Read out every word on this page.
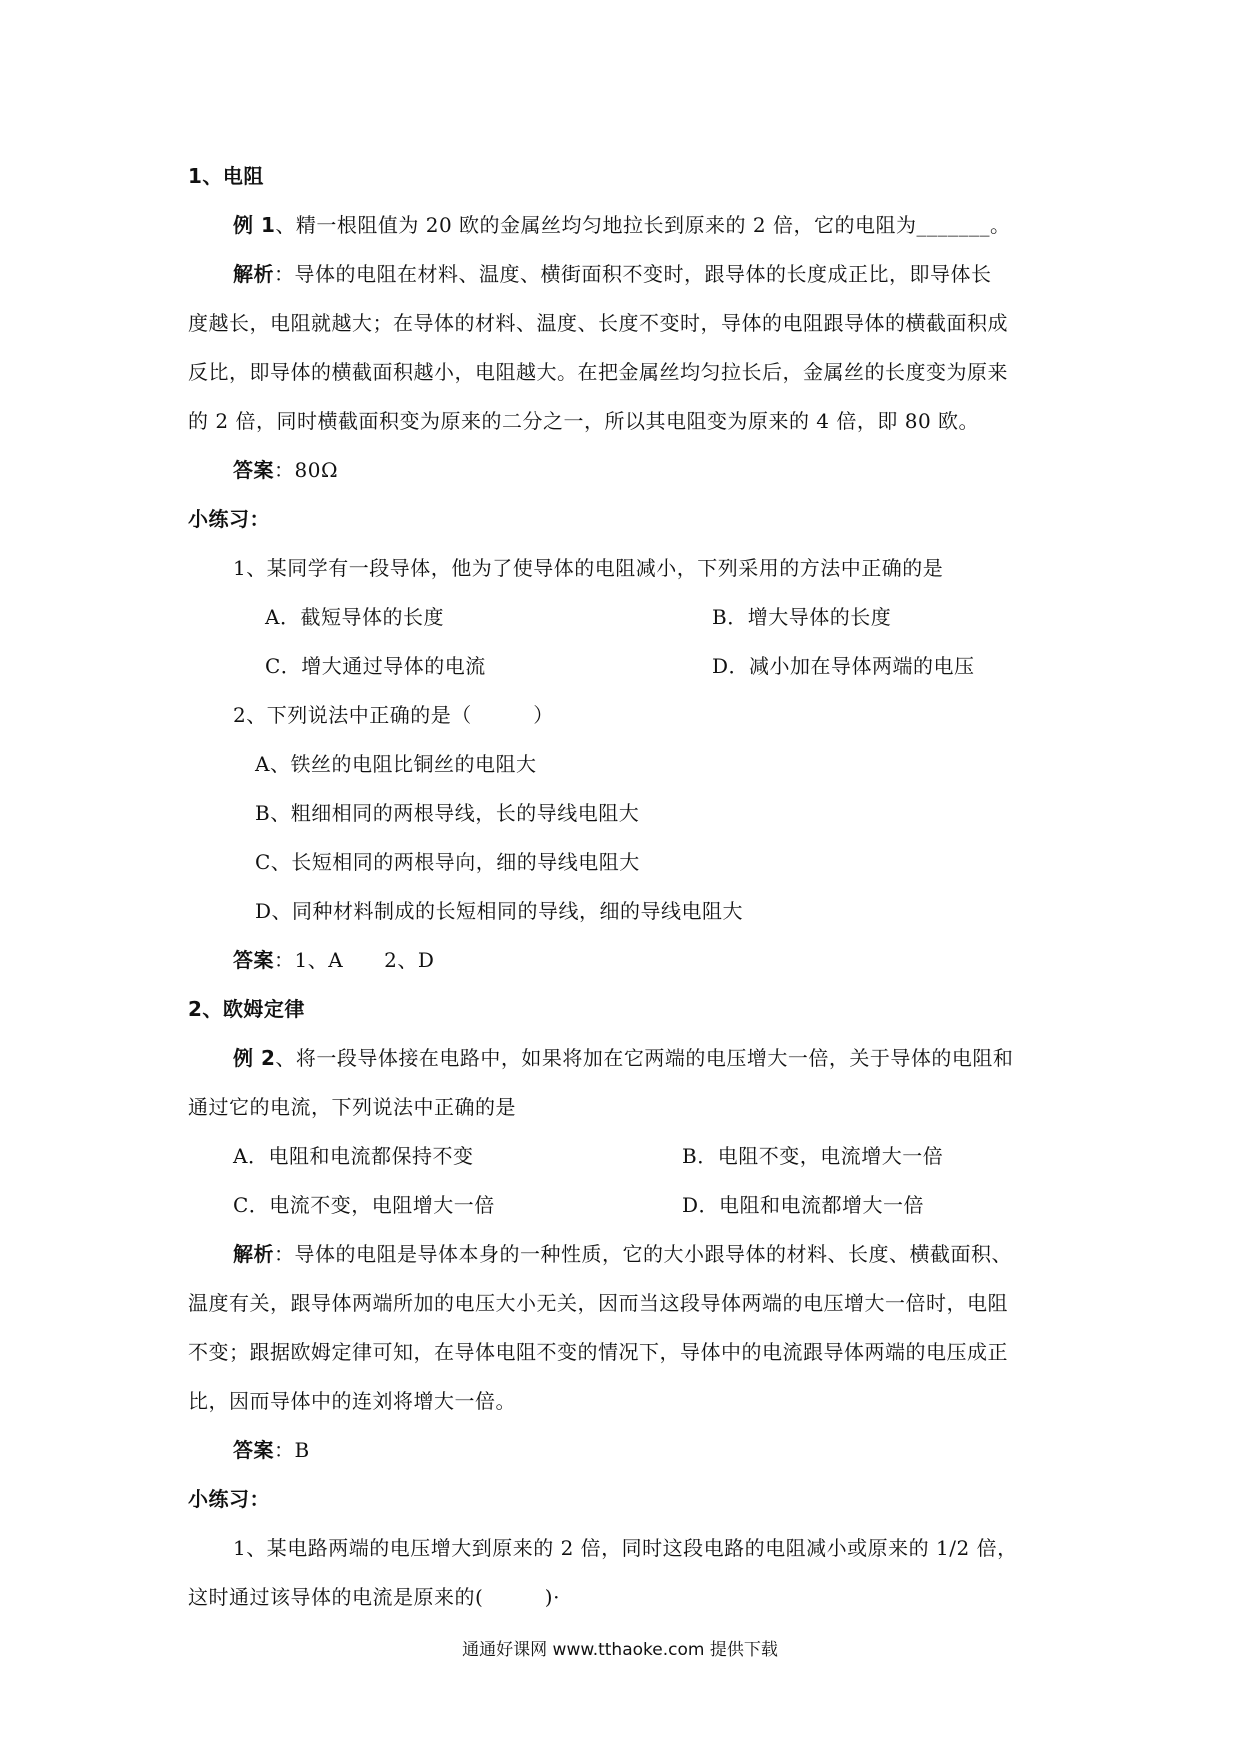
1、电阻
例 1、精一根阻值为 20 欧的金属丝均匀地拉长到原来的 2 倍，它的电阻为_______。
解析：导体的电阻在材料、温度、横街面积不变时，跟导体的长度成正比，即导体长
度越长，电阻就越大；在导体的材料、温度、长度不变时，导体的电阻跟导体的横截面积成
反比，即导体的横截面积越小，电阻越大。在把金属丝均匀拉长后，金属丝的长度变为原来
的 2 倍，同时横截面积变为原来的二分之一，所以其电阻变为原来的 4 倍，即 80 欧。
答案：80Ω
小练习：
1、某同学有一段导体，他为了使导体的电阻减小，下列采用的方法中正确的是
A．截短导体的长度	B．增大导体的长度
C．增大通过导体的电流	D．减小加在导体两端的电压
2、下列说法中正确的是（　　　）
A、铁丝的电阻比铜丝的电阻大
B、粗细相同的两根导线，长的导线电阻大
C、长短相同的两根导向，细的导线电阻大
D、同种材料制成的长短相同的导线，细的导线电阻大
答案：1、A　　2、D
2、欧姆定律
例 2、将一段导体接在电路中，如果将加在它两端的电压增大一倍，关于导体的电阻和
通过它的电流，下列说法中正确的是
A．电阻和电流都保持不变	B．电阻不变，电流增大一倍
C．电流不变，电阻增大一倍	D．电阻和电流都增大一倍
解析：导体的电阻是导体本身的一种性质，它的大小跟导体的材料、长度、横截面积、
温度有关，跟导体两端所加的电压大小无关，因而当这段导体两端的电压增大一倍时，电阻
不变；跟据欧姆定律可知，在导体电阻不变的情况下，导体中的电流跟导体两端的电压成正
比，因而导体中的连刘将增大一倍。
答案：B
小练习：
1、某电路两端的电压增大到原来的 2 倍，同时这段电路的电阻减小或原来的 1/2 倍，
这时通过该导体的电流是原来的(　　　)·
通通好课网 www.tthaoke.com 提供下载
